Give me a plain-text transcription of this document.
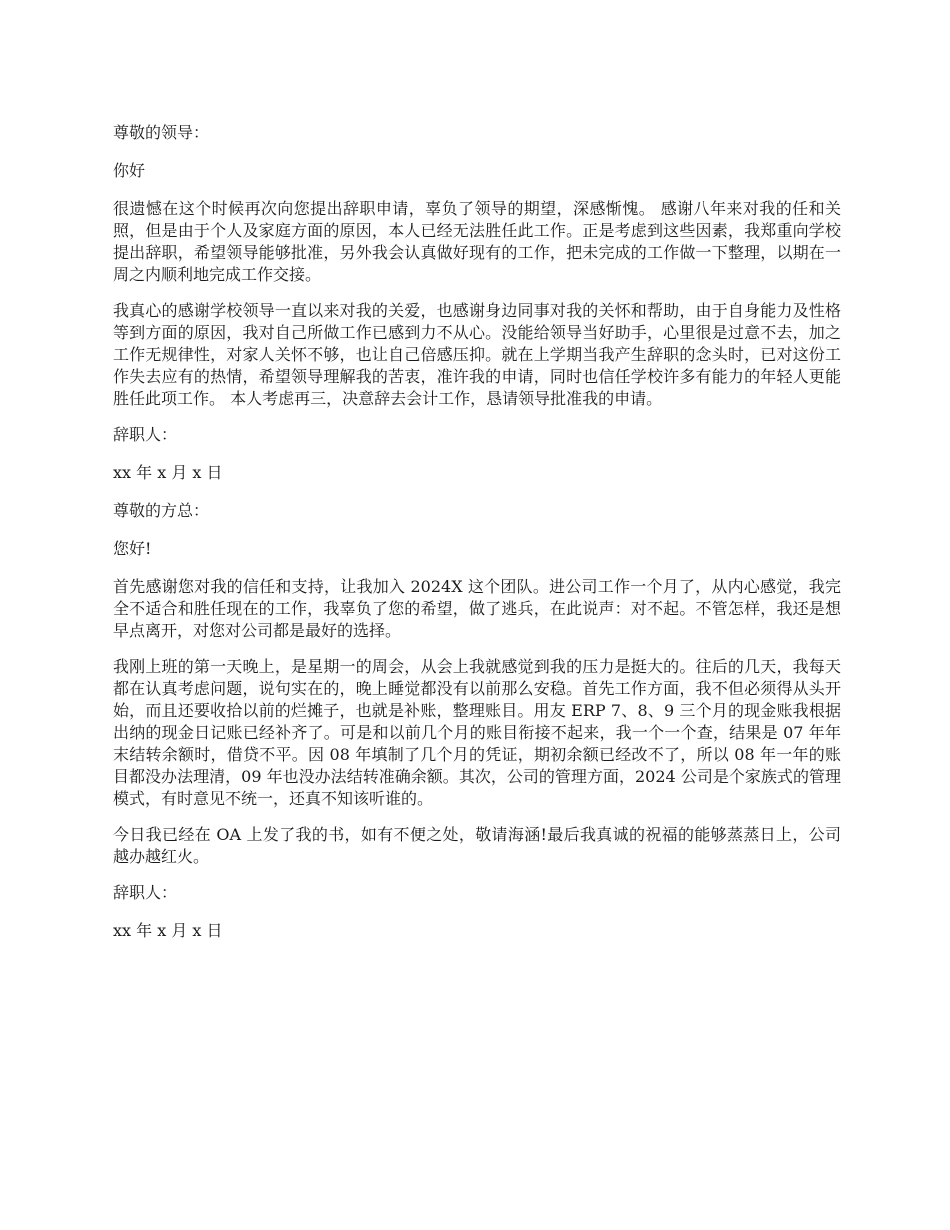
尊敬的领导：

你好

很遗憾在这个时候再次向您提出辞职申请，辜负了领导的期望，深感惭愧。 感谢八年来对我的任和关照，但是由于个人及家庭方面的原因，本人已经无法胜任此工作。正是考虑到这些因素，我郑重向学校提出辞职，希望领导能够批准，另外我会认真做好现有的工作，把未完成的工作做一下整理，以期在一周之内顺利地完成工作交接。

我真心的感谢学校领导一直以来对我的关爱，也感谢身边同事对我的关怀和帮助，由于自身能力及性格等到方面的原因，我对自己所做工作已感到力不从心。没能给领导当好助手，心里很是过意不去，加之工作无规律性，对家人关怀不够，也让自己倍感压抑。就在上学期当我产生辞职的念头时，已对这份工作失去应有的热情，希望领导理解我的苦衷，准许我的申请，同时也信任学校许多有能力的年轻人更能胜任此项工作。 本人考虑再三，决意辞去会计工作，恳请领导批准我的申请。

辞职人：

xx 年 x 月 x 日

尊敬的方总：

您好!

首先感谢您对我的信任和支持，让我加入 2024X 这个团队。进公司工作一个月了，从内心感觉，我完全不适合和胜任现在的工作，我辜负了您的希望，做了逃兵，在此说声：对不起。不管怎样，我还是想早点离开，对您对公司都是最好的选择。

我刚上班的第一天晚上，是星期一的周会，从会上我就感觉到我的压力是挺大的。往后的几天，我每天都在认真考虑问题，说句实在的，晚上睡觉都没有以前那么安稳。首先工作方面，我不但必须得从头开始，而且还要收拾以前的烂摊子，也就是补账，整理账目。用友 ERP 7、8、9 三个月的现金账我根据出纳的现金日记账已经补齐了。可是和以前几个月的账目衔接不起来，我一个一个查，结果是 07 年年末结转余额时，借贷不平。因 08 年填制了几个月的凭证，期初余额已经改不了，所以 08 年一年的账目都没办法理清，09 年也没办法结转准确余额。其次，公司的管理方面，2024 公司是个家族式的管理模式，有时意见不统一，还真不知该听谁的。

今日我已经在 OA 上发了我的书，如有不便之处，敬请海涵!最后我真诚的祝福的能够蒸蒸日上，公司越办越红火。

辞职人：

xx 年 x 月 x 日
